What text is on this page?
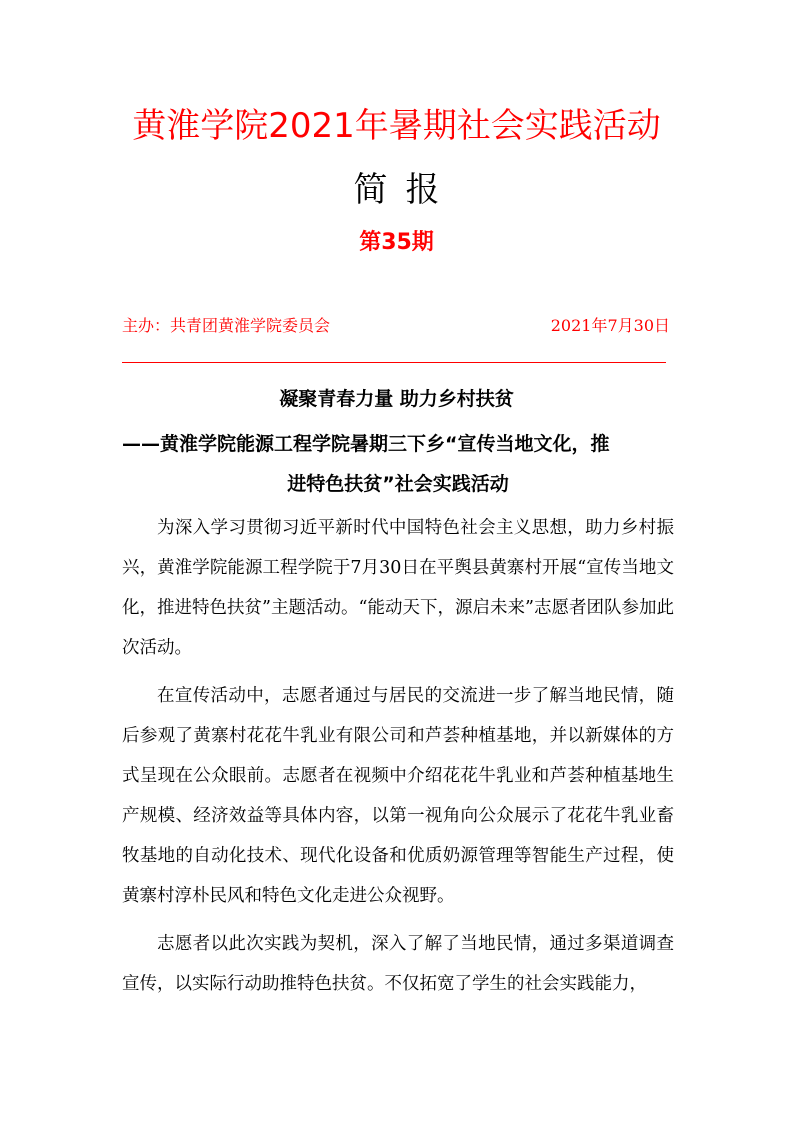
黄淮学院2021年暑期社会实践活动
简报
第35期
主办：共青团黄淮学院委员会	2021年7月30日
凝聚青春力量 助力乡村扶贫
——黄淮学院能源工程学院暑期三下乡“宣传当地文化，推
进特色扶贫”社会实践活动

为深入学习贯彻习近平新时代中国特色社会主义思想，助力乡村振兴，黄淮学院能源工程学院于7月30日在平舆县黄寨村开展“宣传当地文化，推进特色扶贫”主题活动。“能动天下，源启未来”志愿者团队参加此次活动。

在宣传活动中，志愿者通过与居民的交流进一步了解当地民情，随后参观了黄寨村花花牛乳业有限公司和芦荟种植基地，并以新媒体的方式呈现在公众眼前。志愿者在视频中介绍花花牛乳业和芦荟种植基地生产规模、经济效益等具体内容，以第一视角向公众展示了花花牛乳业畜牧基地的自动化技术、现代化设备和优质奶源管理等智能生产过程，使黄寨村淳朴民风和特色文化走进公众视野。

志愿者以此次实践为契机，深入了解了当地民情，通过多渠道调查宣传，以实际行动助推特色扶贫。不仅拓宽了学生的社会实践能力，
